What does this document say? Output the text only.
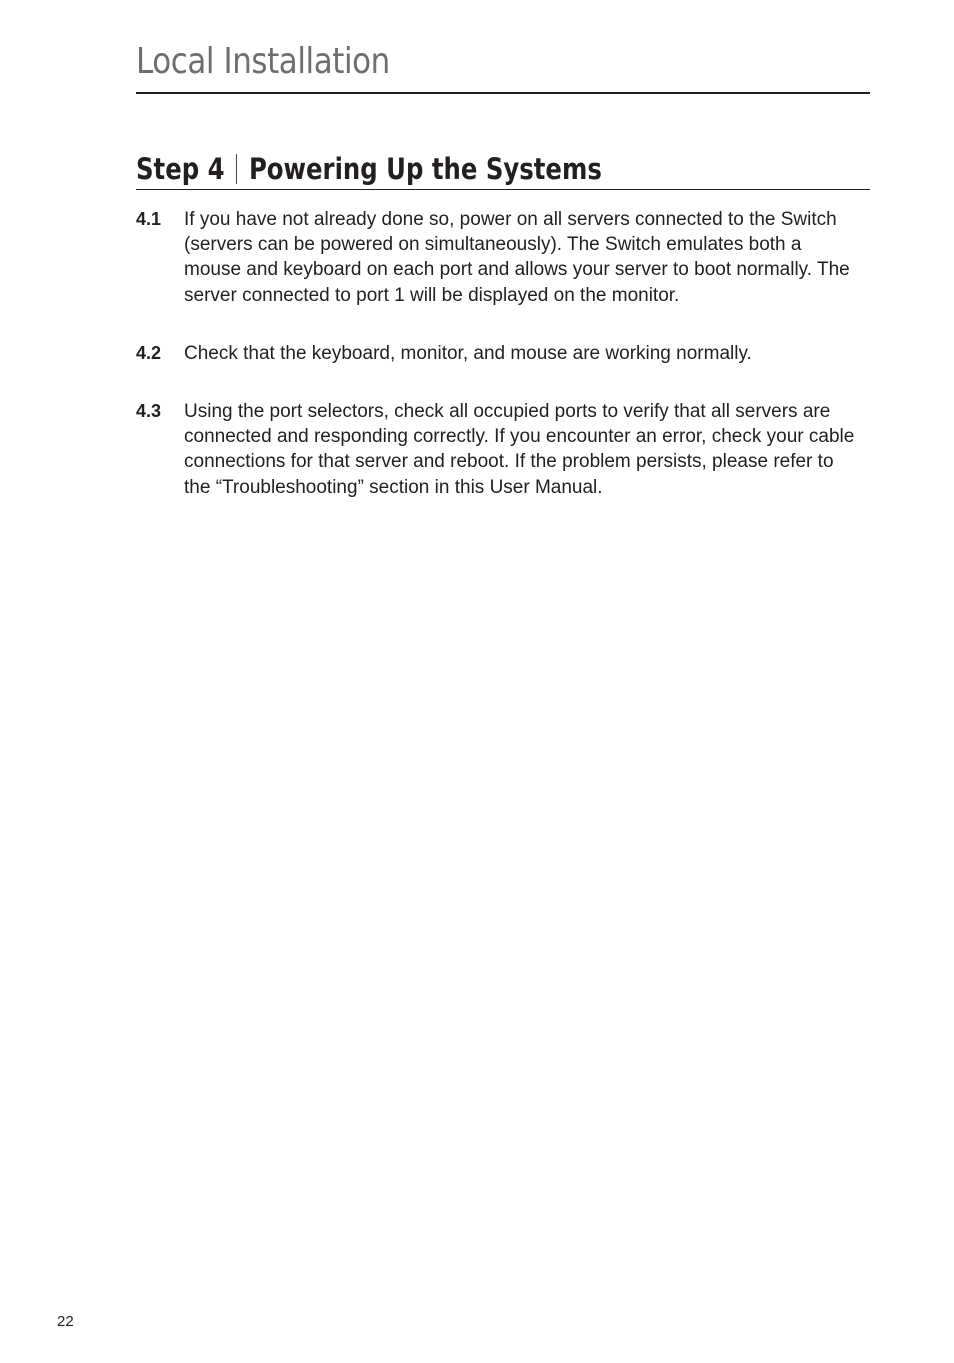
Local Installation
Step 4 Powering Up the Systems
4.1 If you have not already done so, power on all servers connected to the Switch (servers can be powered on simultaneously). The Switch emulates both a mouse and keyboard on each port and allows your server to boot normally. The server connected to port 1 will be displayed on the monitor.
4.2 Check that the keyboard, monitor, and mouse are working normally.
4.3 Using the port selectors, check all occupied ports to verify that all servers are connected and responding correctly. If you encounter an error, check your cable connections for that server and reboot. If the problem persists, please refer to the “Troubleshooting” section in this User Manual.
22
